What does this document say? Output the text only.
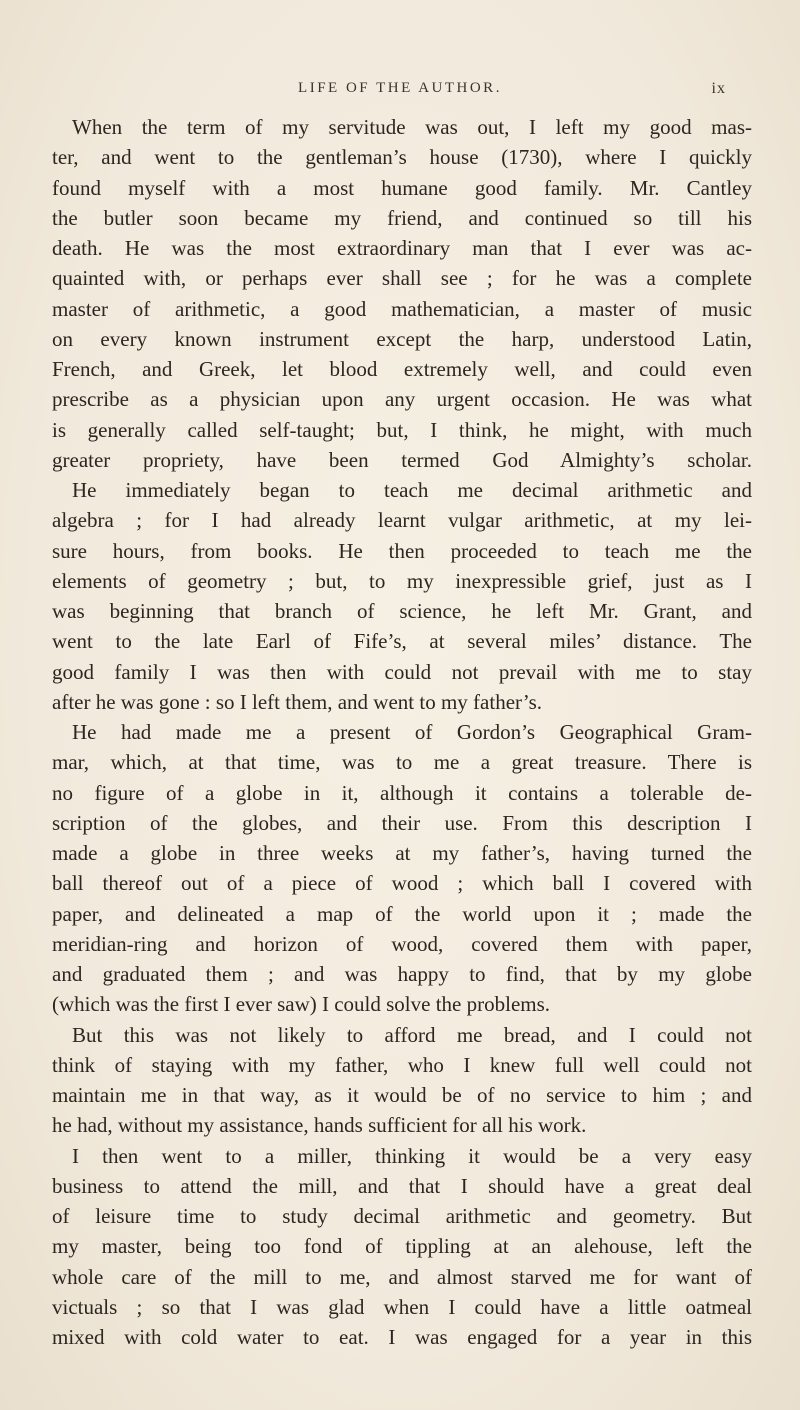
LIFE OF THE AUTHOR.	ix
When the term of my servitude was out, I left my good mas-
ter, and went to the gentleman’s house (1730), where I quickly
found myself with a most humane good family. Mr. Cantley
the butler soon became my friend, and continued so till his
death. He was the most extraordinary man that I ever was ac-
quainted with, or perhaps ever shall see ; for he was a complete
master of arithmetic, a good mathematician, a master of music
on every known instrument except the harp, understood Latin,
French, and Greek, let blood extremely well, and could even
prescribe as a physician upon any urgent occasion. He was what
is generally called self-taught; but, I think, he might, with much
greater propriety, have been termed God Almighty’s scholar.
He immediately began to teach me decimal arithmetic and
algebra ; for I had already learnt vulgar arithmetic, at my lei-
sure hours, from books. He then proceeded to teach me the
elements of geometry ; but, to my inexpressible grief, just as I
was beginning that branch of science, he left Mr. Grant, and
went to the late Earl of Fife’s, at several miles’ distance. The
good family I was then with could not prevail with me to stay
after he was gone : so I left them, and went to my father’s.
He had made me a present of Gordon’s Geographical Gram-
mar, which, at that time, was to me a great treasure. There is
no figure of a globe in it, although it contains a tolerable de-
scription of the globes, and their use. From this description I
made a globe in three weeks at my father’s, having turned the
ball thereof out of a piece of wood ; which ball I covered with
paper, and delineated a map of the world upon it ; made the
meridian-ring and horizon of wood, covered them with paper,
and graduated them ; and was happy to find, that by my globe
(which was the first I ever saw) I could solve the problems.
But this was not likely to afford me bread, and I could not
think of staying with my father, who I knew full well could not
maintain me in that way, as it would be of no service to him ; and
he had, without my assistance, hands sufficient for all his work.
I then went to a miller, thinking it would be a very easy
business to attend the mill, and that I should have a great deal
of leisure time to study decimal arithmetic and geometry. But
my master, being too fond of tippling at an alehouse, left the
whole care of the mill to me, and almost starved me for want of
victuals ; so that I was glad when I could have a little oatmeal
mixed with cold water to eat. I was engaged for a year in this
